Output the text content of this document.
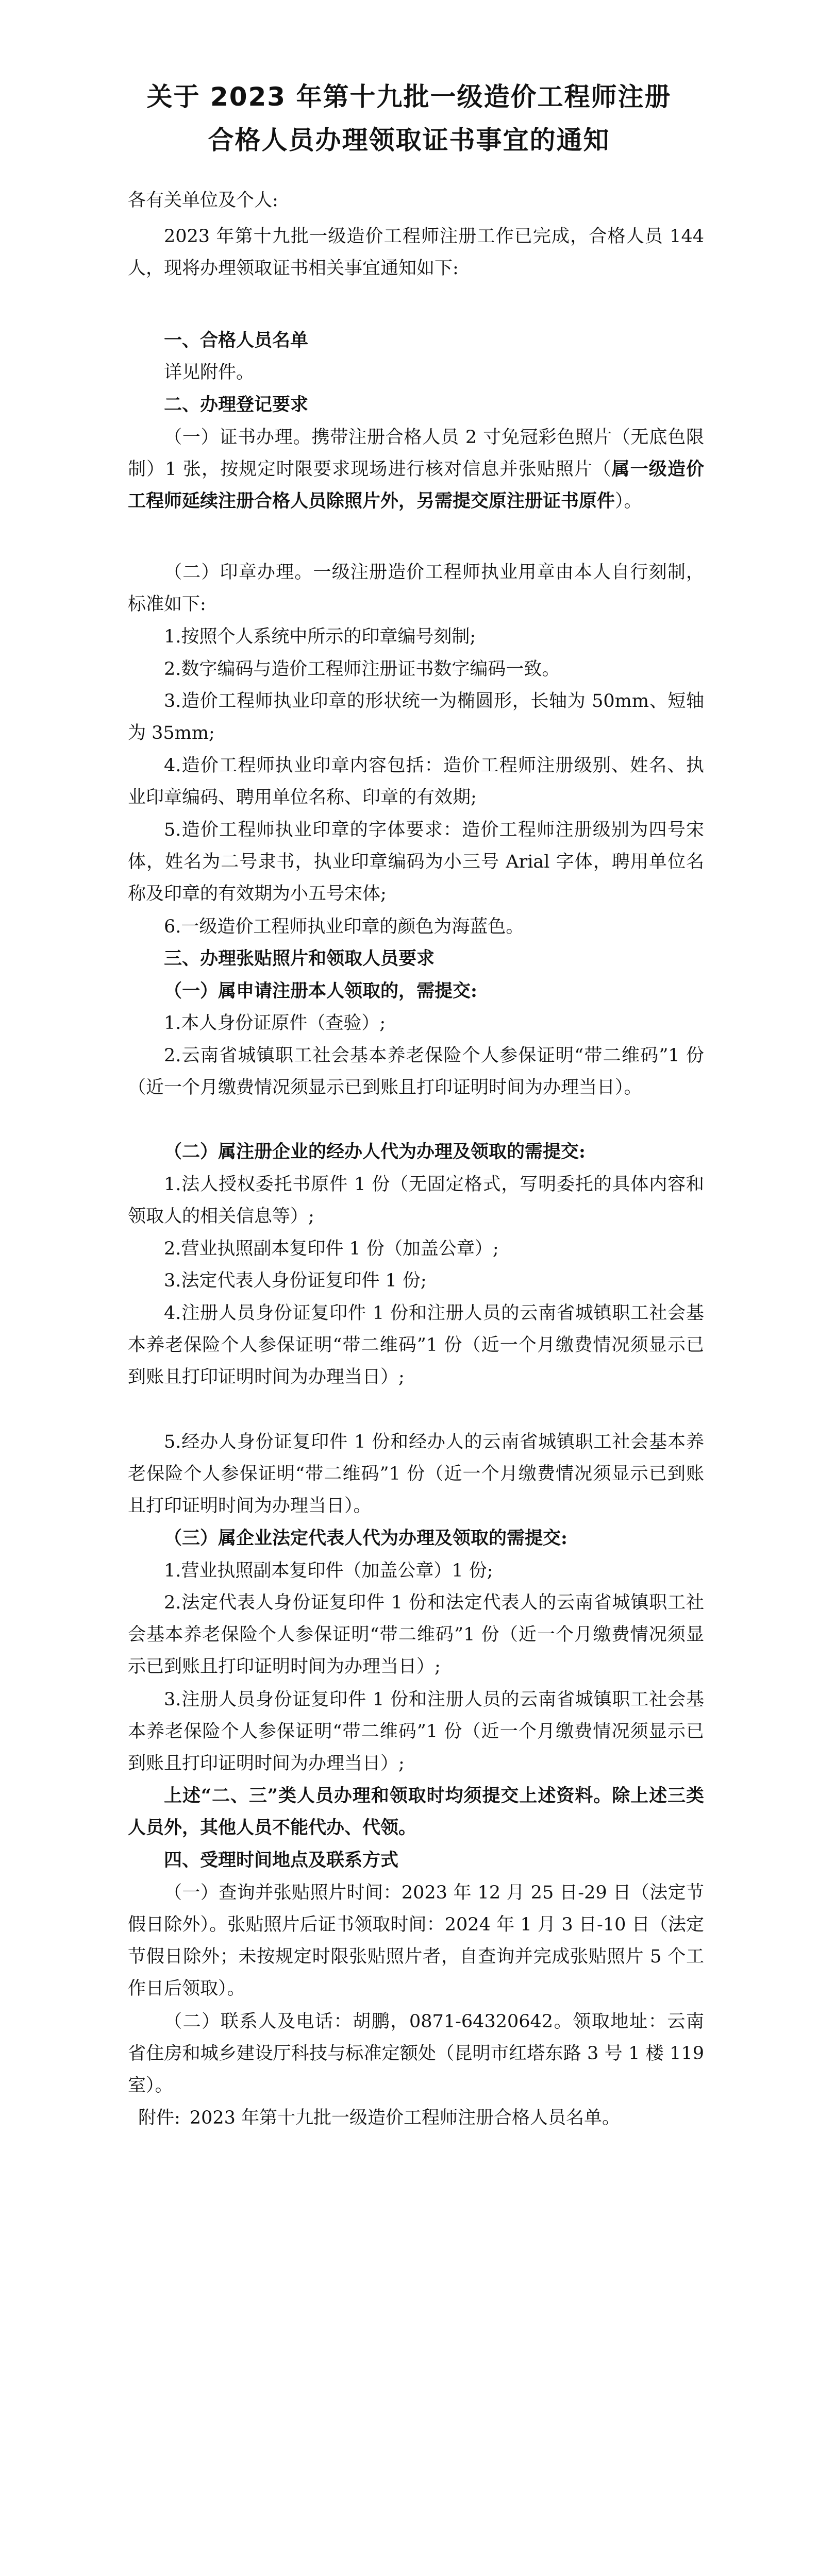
关于 2023 年第十九批一级造价工程师注册
合格人员办理领取证书事宜的通知

各有关单位及个人:

2023 年第十九批一级造价工程师注册工作已完成，合格人员 144 人，现将办理领取证书相关事宜通知如下:

一、合格人员名单

详见附件。

二、办理登记要求

（一）证书办理。携带注册合格人员 2 寸免冠彩色照片（无底色限制）1 张，按规定时限要求现场进行核对信息并张贴照片（属一级造价工程师延续注册合格人员除照片外，另需提交原注册证书原件）。

（二）印章办理。一级注册造价工程师执业用章由本人自行刻制，标准如下:

1.按照个人系统中所示的印章编号刻制;

2.数字编码与造价工程师注册证书数字编码一致。

3.造价工程师执业印章的形状统一为椭圆形，长轴为 50mm、短轴为 35mm;

4.造价工程师执业印章内容包括：造价工程师注册级别、姓名、执业印章编码、聘用单位名称、印章的有效期;

5.造价工程师执业印章的字体要求：造价工程师注册级别为四号宋体，姓名为二号隶书，执业印章编码为小三号 Arial 字体，聘用单位名称及印章的有效期为小五号宋体;

6.一级造价工程师执业印章的颜色为海蓝色。

三、办理张贴照片和领取人员要求

（一）属申请注册本人领取的，需提交:

1.本人身份证原件（查验）;

2.云南省城镇职工社会基本养老保险个人参保证明“带二维码”1 份（近一个月缴费情况须显示已到账且打印证明时间为办理当日）。

（二）属注册企业的经办人代为办理及领取的需提交:

1.法人授权委托书原件 1 份（无固定格式，写明委托的具体内容和领取人的相关信息等）;

2.营业执照副本复印件 1 份（加盖公章）;

3.法定代表人身份证复印件 1 份;

4.注册人员身份证复印件 1 份和注册人员的云南省城镇职工社会基本养老保险个人参保证明“带二维码”1 份（近一个月缴费情况须显示已到账且打印证明时间为办理当日）;

5.经办人身份证复印件 1 份和经办人的云南省城镇职工社会基本养老保险个人参保证明“带二维码”1 份（近一个月缴费情况须显示已到账且打印证明时间为办理当日）。

（三）属企业法定代表人代为办理及领取的需提交:

1.营业执照副本复印件（加盖公章）1 份;

2.法定代表人身份证复印件 1 份和法定代表人的云南省城镇职工社会基本养老保险个人参保证明“带二维码”1 份（近一个月缴费情况须显示已到账且打印证明时间为办理当日）;

3.注册人员身份证复印件 1 份和注册人员的云南省城镇职工社会基本养老保险个人参保证明“带二维码”1 份（近一个月缴费情况须显示已到账且打印证明时间为办理当日）;

上述“二、三”类人员办理和领取时均须提交上述资料。除上述三类人员外，其他人员不能代办、代领。

四、受理时间地点及联系方式

（一）查询并张贴照片时间：2023 年 12 月 25 日-29 日（法定节假日除外）。张贴照片后证书领取时间：2024 年 1 月 3 日-10 日（法定节假日除外；未按规定时限张贴照片者，自查询并完成张贴照片 5 个工作日后领取）。

（二）联系人及电话：胡鹏，0871-64320642。领取地址：云南省住房和城乡建设厅科技与标准定额处（昆明市红塔东路 3 号 1 楼 119 室）。

附件: 2023 年第十九批一级造价工程师注册合格人员名单。
